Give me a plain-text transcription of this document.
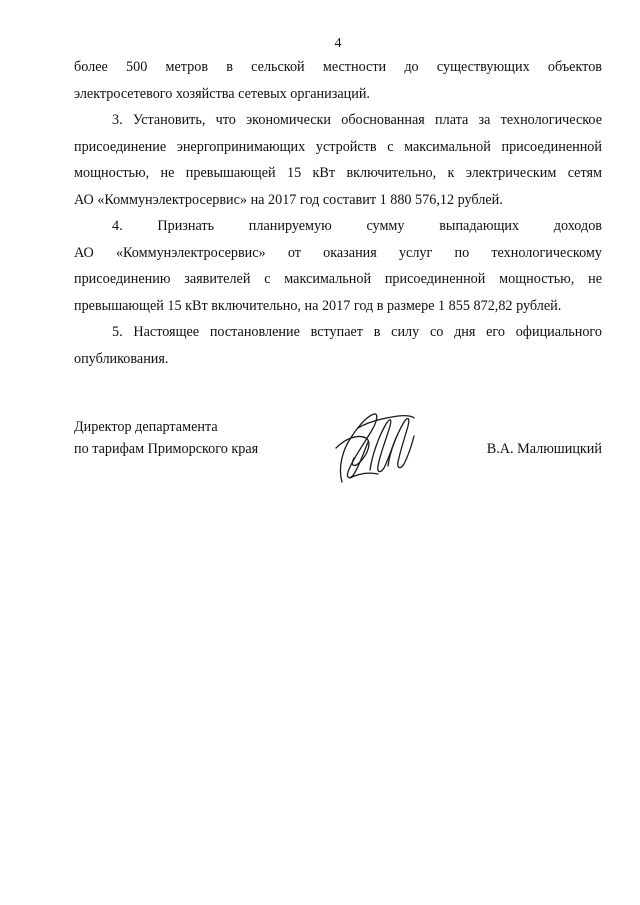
4
более 500 метров в сельской местности до существующих объектов
электросетевого хозяйства сетевых организаций.
3. Установить, что экономически обоснованная плата за технологическое
присоединение энергопринимающих устройств с максимальной присоединенной
мощностью, не превышающей 15 кВт включительно, к электрическим сетям
АО «Коммунэлектросервис» на 2017 год составит 1 880 576,12 рублей.
4. Признать планируемую сумму выпадающих доходов
АО «Коммунэлектросервис» от оказания услуг по технологическому
присоединению заявителей с максимальной присоединенной мощностью, не
превышающей 15 кВт включительно, на 2017 год в размере 1 855 872,82 рублей.
5. Настоящее постановление вступает в силу со дня его официального
опубликования.
Директор департамента
по тарифам Приморского края	В.А. Малюшицкий
